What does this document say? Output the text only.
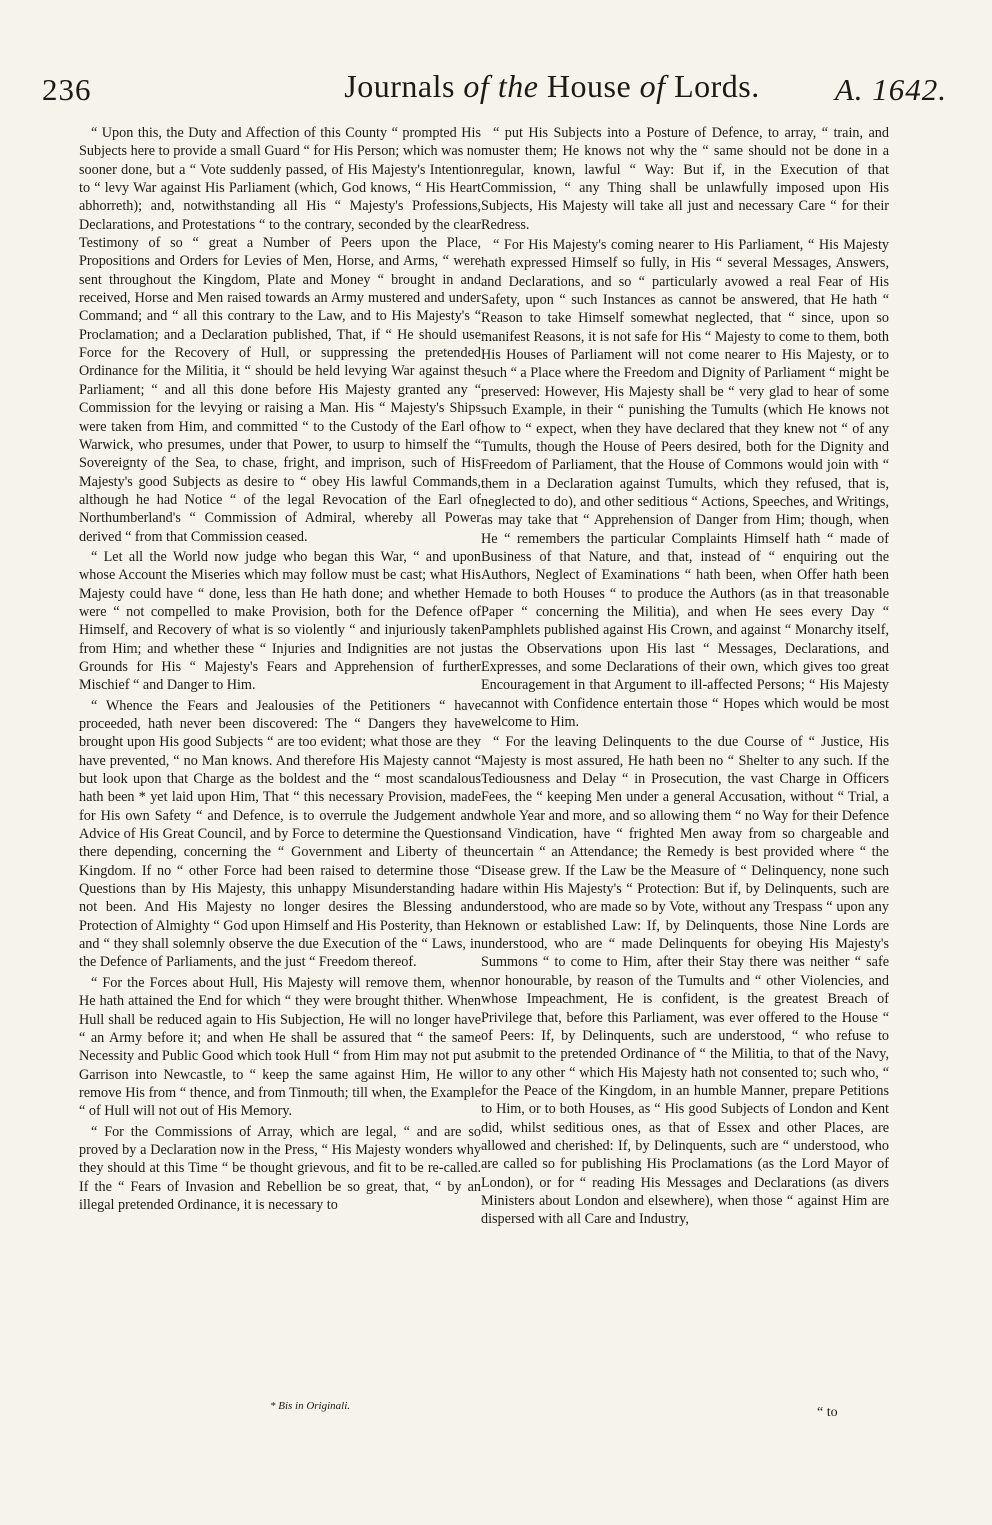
236	Journals of the House of Lords. A. 1642.

“ Upon this, the Duty and Affection of this County “ prompted His Subjects here to provide a small Guard “ for His Person; which was no sooner done, but a “ Vote suddenly passed, of His Majesty's Intention to “ levy War against His Parliament (which, God knows, “ His Heart abhorreth); and, notwithstanding all His “ Majesty's Professions, Declarations, and Protestations “ to the contrary, seconded by the clear Testimony of so “ great a Number of Peers upon the Place, Propositions and Orders for Levies of Men, Horse, and Arms, “ were sent throughout the Kingdom, Plate and Money “ brought in and received, Horse and Men raised towards an Army mustered and under Command; and “ all this contrary to the Law, and to His Majesty's “ Proclamation; and a Declaration published, That, if “ He should use Force for the Recovery of Hull, or suppressing the pretended Ordinance for the Militia, it “ should be held levying War against the Parliament; “ and all this done before His Majesty granted any “ Commission for the levying or raising a Man. His “ Majesty's Ships were taken from Him, and committed “ to the Custody of the Earl of Warwick, who presumes, under that Power, to usurp to himself the “ Sovereignty of the Sea, to chase, fright, and imprison, such of His Majesty's good Subjects as desire to “ obey His lawful Commands, although he had Notice “ of the legal Revocation of the Earl of Northumberland's “ Commission of Admiral, whereby all Power derived “ from that Commission ceased.

“ Let all the World now judge who began this War, “ and upon whose Account the Miseries which may follow must be cast; what His Majesty could have “ done, less than He hath done; and whether He were “ not compelled to make Provision, both for the Defence of Himself, and Recovery of what is so violently “ and injuriously taken from Him; and whether these “ Injuries and Indignities are not just Grounds for His “ Majesty's Fears and Apprehension of further Mischief “ and Danger to Him.

“ Whence the Fears and Jealousies of the Petitioners “ have proceeded, hath never been discovered: The “ Dangers they have brought upon His good Subjects “ are too evident; what those are they have prevented, “ no Man knows. And therefore His Majesty cannot “ but look upon that Charge as the boldest and the “ most scandalous hath been * yet laid upon Him, That “ this necessary Provision, made for His own Safety “ and Defence, is to overrule the Judgement and Advice of His Great Council, and by Force to determine the Questions there depending, concerning the “ Government and Liberty of the Kingdom. If no “ other Force had been raised to determine those “ Questions than by His Majesty, this unhappy Misunderstanding had not been. And His Majesty no longer desires the Blessing and Protection of Almighty “ God upon Himself and His Posterity, than He and “ they shall solemnly observe the due Execution of the “ Laws, in the Defence of Parliaments, and the just “ Freedom thereof.

“ For the Forces about Hull, His Majesty will remove them, when He hath attained the End for which “ they were brought thither. When Hull shall be reduced again to His Subjection, He will no longer have “ an Army before it; and when He shall be assured that “ the same Necessity and Public Good which took Hull “ from Him may not put a Garrison into Newcastle, to “ keep the same against Him, He will remove His from “ thence, and from Tinmouth; till when, the Example “ of Hull will not out of His Memory.

“ For the Commissions of Array, which are legal, “ and are so proved by a Declaration now in the Press, “ His Majesty wonders why they should at this Time “ be thought grievous, and fit to be re-called. If the “ Fears of Invasion and Rebellion be so great, that, “ by an illegal pretended Ordinance, it is necessary to

“ put His Subjects into a Posture of Defence, to array, “ train, and muster them; He knows not why the “ same should not be done in a regular, known, lawful “ Way: But if, in the Execution of that Commission, “ any Thing shall be unlawfully imposed upon His Subjects, His Majesty will take all just and necessary Care “ for their Redress.

“ For His Majesty's coming nearer to His Parliament, “ His Majesty hath expressed Himself so fully, in His “ several Messages, Answers, and Declarations, and so “ particularly avowed a real Fear of His Safety, upon “ such Instances as cannot be answered, that He hath “ Reason to take Himself somewhat neglected, that “ since, upon so manifest Reasons, it is not safe for His “ Majesty to come to them, both His Houses of Parliament will not come nearer to His Majesty, or to such “ a Place where the Freedom and Dignity of Parliament “ might be preserved: However, His Majesty shall be “ very glad to hear of some such Example, in their “ punishing the Tumults (which He knows not how to “ expect, when they have declared that they knew not “ of any Tumults, though the House of Peers desired, both for the Dignity and Freedom of Parliament, that the House of Commons would join with “ them in a Declaration against Tumults, which they refused, that is, neglected to do), and other seditious “ Actions, Speeches, and Writings, as may take that “ Apprehension of Danger from Him; though, when He “ remembers the particular Complaints Himself hath “ made of Business of that Nature, and that, instead of “ enquiring out the Authors, Neglect of Examinations “ hath been, when Offer hath been made to both Houses “ to produce the Authors (as in that treasonable Paper “ concerning the Militia), and when He sees every Day “ Pamphlets published against His Crown, and against “ Monarchy itself, as the Observations upon His last “ Messages, Declarations, and Expresses, and some Declarations of their own, which gives too great Encouragement in that Argument to ill-affected Persons; “ His Majesty cannot with Confidence entertain those “ Hopes which would be most welcome to Him.

“ For the leaving Delinquents to the due Course of “ Justice, His Majesty is most assured, He hath been no “ Shelter to any such. If the Tediousness and Delay “ in Prosecution, the vast Charge in Officers Fees, the “ keeping Men under a general Accusation, without “ Trial, a whole Year and more, and so allowing them “ no Way for their Defence and Vindication, have “ frighted Men away from so chargeable and uncertain “ an Attendance; the Remedy is best provided where “ the Disease grew. If the Law be the Measure of “ Delinquency, none such are within His Majesty's “ Protection: But if, by Delinquents, such are understood, who are made so by Vote, without any Trespass “ upon any known or established Law: If, by Delinquents, those Nine Lords are understood, who are “ made Delinquents for obeying His Majesty's Summons “ to come to Him, after their Stay there was neither “ safe nor honourable, by reason of the Tumults and “ other Violencies, and whose Impeachment, He is confident, is the greatest Breach of Privilege that, before this Parliament, was ever offered to the House “ of Peers: If, by Delinquents, such are understood, “ who refuse to submit to the pretended Ordinance of “ the Militia, to that of the Navy, or to any other “ which His Majesty hath not consented to; such who, “ for the Peace of the Kingdom, in an humble Manner, prepare Petitions to Him, or to both Houses, as “ His good Subjects of London and Kent did, whilst seditious ones, as that of Essex and other Places, are allowed and cherished: If, by Delinquents, such are “ understood, who are called so for publishing His Proclamations (as the Lord Mayor of London), or for “ reading His Messages and Declarations (as divers Ministers about London and elsewhere), when those “ against Him are dispersed with all Care and Industry,

* Bis in Originali.	“ to
